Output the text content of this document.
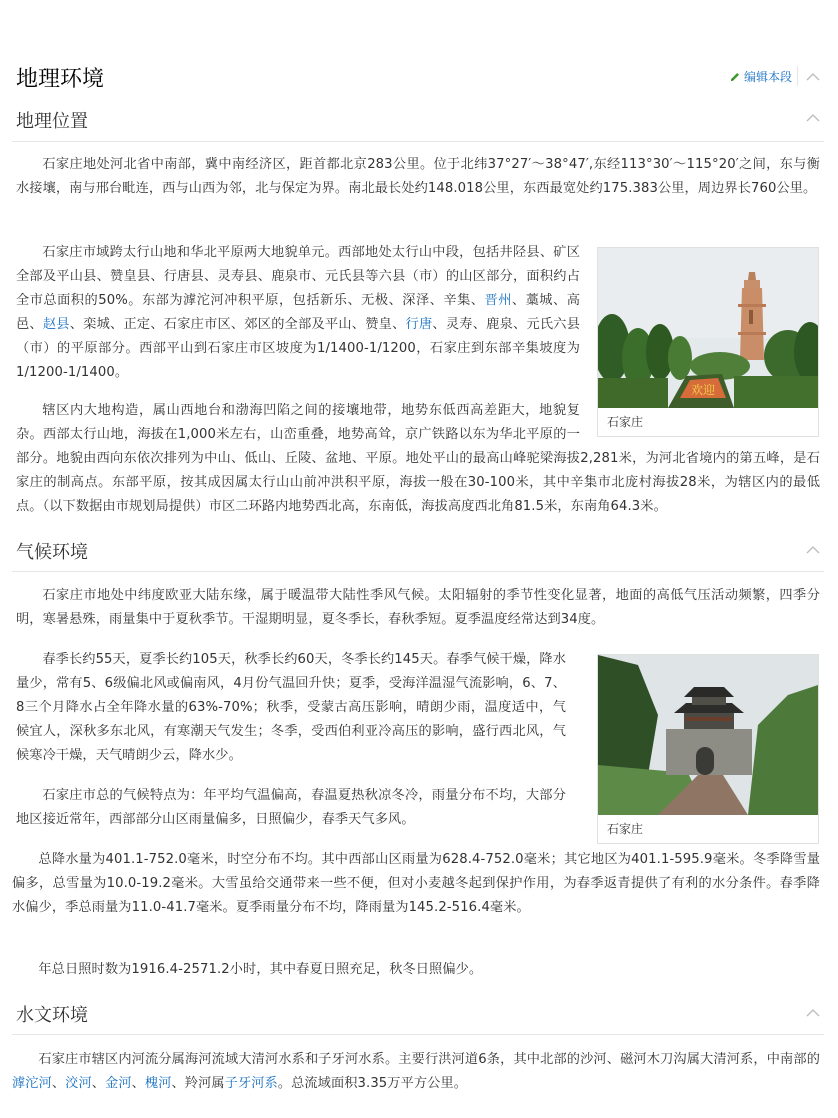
地理环境	编辑本段
地理位置

石家庄地处河北省中南部，冀中南经济区，距首都北京283公里。位于北纬37°27′～38°47′,东经113°30′～115°20′之间，东与衡水接壤，南与邢台毗连，西与山西为邻，北与保定为界。南北最长处约148.018公里，东西最宽处约175.383公里，周边界长760公里。

石家庄市域跨太行山地和华北平原两大地貌单元。西部地处太行山中段，包括井陉县、矿区全部及平山县、赞皇县、行唐县、灵寿县、鹿泉市、元氏县等六县（市）的山区部分，面积约占全市总面积的50%。东部为滹沱河冲积平原，包括新乐、无极、深泽、辛集、晋州、藁城、高邑、赵县、栾城、正定、石家庄市区、郊区的全部及平山、赞皇、行唐、灵寿、鹿泉、元氏六县（市）的平原部分。西部平山到石家庄市区坡度为1/1400-1/1200，石家庄到东部辛集坡度为1/1200-1/1400。

辖区内大地构造，属山西地台和渤海凹陷之间的接壤地带，地势东低西高差距大，地貌复杂。西部太行山地，海拔在1,000米左右，山峦重叠，地势高耸，京广铁路以东为华北平原的一部分。地貌由西向东依次排列为中山、低山、丘陵、盆地、平原。地处平山的最高山峰驼梁海拔2,281米，为河北省境内的第五峰，是石家庄的制高点。东部平原，按其成因属太行山山前冲洪积平原，海拔一般在30-100米，其中辛集市北庞村海拔28米，为辖区内的最低点。（以下数据由市规划局提供）市区二环路内地势西北高，东南低，海拔高度西北角81.5米，东南角64.3米。

欢迎
石家庄
气候环境

石家庄市地处中纬度欧亚大陆东缘，属于暖温带大陆性季风气候。太阳辐射的季节性变化显著，地面的高低气压活动频繁，四季分明，寒暑悬殊，雨量集中于夏秋季节。干湿期明显，夏冬季长，春秋季短。夏季温度经常达到34度。

春季长约55天，夏季长约105天，秋季长约60天，冬季长约145天。春季气候干燥，降水量少，常有5、6级偏北风或偏南风，4月份气温回升快；夏季，受海洋温湿气流影响，6、7、8三个月降水占全年降水量的63%-70%；秋季，受蒙古高压影响，晴朗少雨，温度适中，气候宜人，深秋多东北风，有寒潮天气发生；冬季，受西伯利亚冷高压的影响，盛行西北风，气候寒冷干燥，天气晴朗少云，降水少。

石家庄市总的气候特点为：年平均气温偏高，春温夏热秋凉冬冷，雨量分布不均，大部分地区接近常年，西部部分山区雨量偏多，日照偏少，春季天气多风。

总降水量为401.1-752.0毫米，时空分布不均。其中西部山区雨量为628.4-752.0毫米；其它地区为401.1-595.9毫米。冬季降雪量偏多，总雪量为10.0-19.2毫米。大雪虽给交通带来一些不便，但对小麦越冬起到保护作用，为春季返青提供了有利的水分条件。春季降水偏少，季总雨量为11.0-41.7毫米。夏季雨量分布不均，降雨量为145.2-516.4毫米。

年总日照时数为1916.4-2571.2小时，其中春夏日照充足，秋冬日照偏少。

石家庄
水文环境

石家庄市辖区内河流分属海河流域大清河水系和子牙河水系。主要行洪河道6条，其中北部的沙河、磁河木刀沟属大清河系，中南部的滹沱河、洨河、金河、槐河、羚河属子牙河系。总流域面积3.35万平方公里。
